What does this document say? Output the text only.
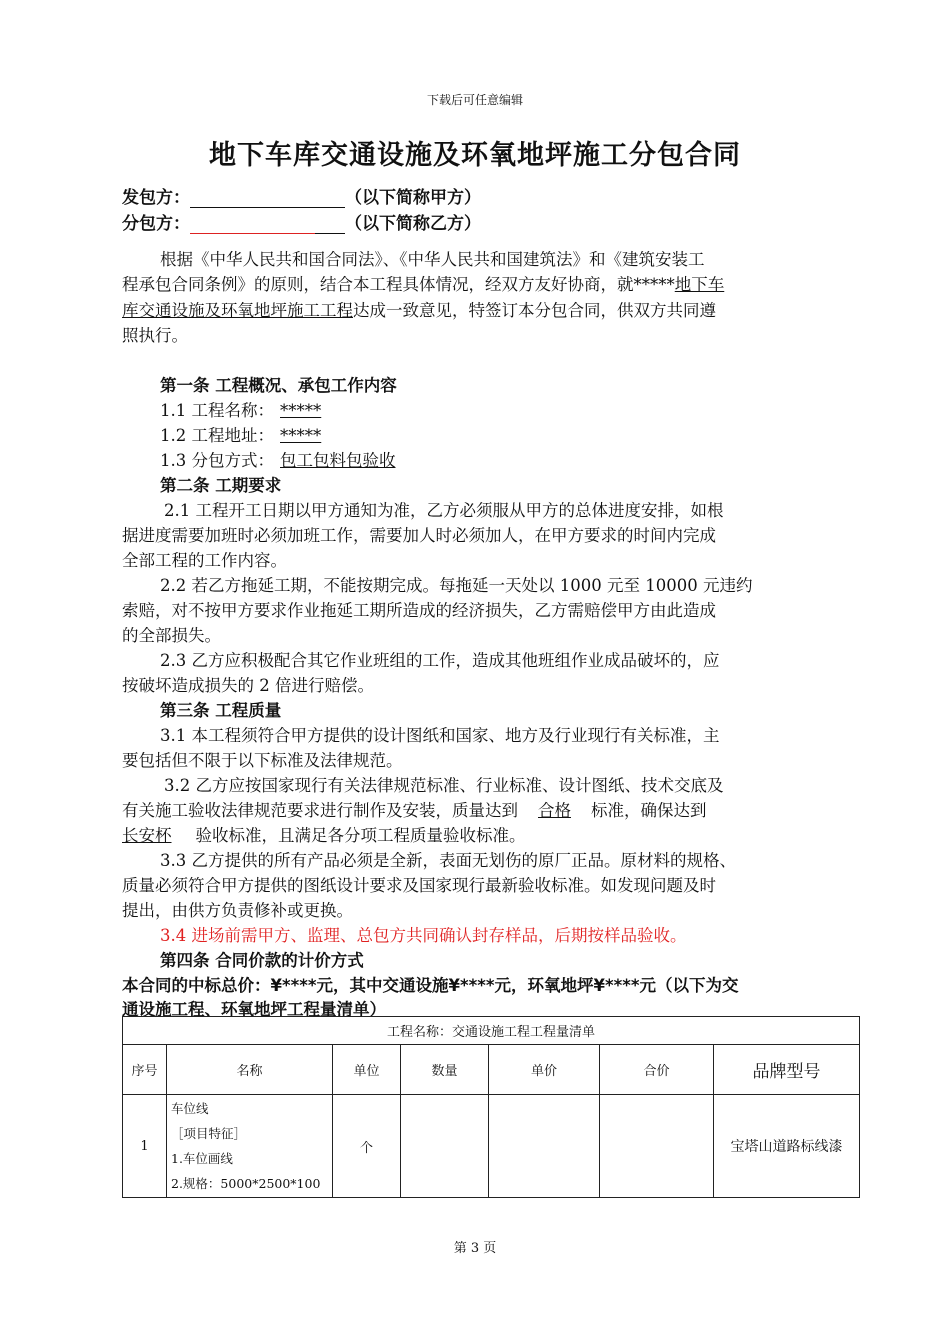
下载后可任意编辑
地下车库交通设施及环氧地坪施工分包合同
发包方：	（以下简称甲方）
分包方：	（以下简称乙方）
根据《中华人民共和国合同法》、《中华人民共和国建筑法》和《建筑安装工
程承包合同条例》的原则，结合本工程具体情况，经双方友好协商，就*****地下车
库交通设施及环氧地坪施工工程达成一致意见，特签订本分包合同，供双方共同遵
照执行。
第一条 工程概况、承包工作内容
1.1 工程名称： *****
1.2 工程地址： *****
1.3 分包方式： 包工包料包验收
第二条 工期要求
2.1 工程开工日期以甲方通知为准，乙方必须服从甲方的总体进度安排，如根
据进度需要加班时必须加班工作，需要加人时必须加人，在甲方要求的时间内完成
全部工程的工作内容。
2.2 若乙方拖延工期，不能按期完成。每拖延一天处以 1000 元至 10000 元违约
索赔，对不按甲方要求作业拖延工期所造成的经济损失，乙方需赔偿甲方由此造成
的全部损失。
2.3 乙方应积极配合其它作业班组的工作，造成其他班组作业成品破坏的，应
按破坏造成损失的 2 倍进行赔偿。
第三条 工程质量
3.1 本工程须符合甲方提供的设计图纸和国家、地方及行业现行有关标准，主
要包括但不限于以下标准及法律规范。
3.2 乙方应按国家现行有关法律规范标准、行业标准、设计图纸、技术交底及
有关施工验收法律规范要求进行制作及安装，质量达到 合格 标准，确保达到
长安杯 验收标准，且满足各分项工程质量验收标准。
3.3 乙方提供的所有产品必须是全新，表面无划伤的原厂正品。原材料的规格、
质量必须符合甲方提供的图纸设计要求及国家现行最新验收标准。如发现问题及时
提出，由供方负责修补或更换。
3.4 进场前需甲方、监理、总包方共同确认封存样品，后期按样品验收。
第四条 合同价款的计价方式
本合同的中标总价：¥****元，其中交通设施¥****元，环氧地坪¥****元（以下为交
通设施工程、环氧地坪工程量清单）
工程名称：交通设施工程工程量清单						
序号	名称	单位	数量	单价	合价	品牌型号
1	车位线
［项目特征］
1.车位画线
2.规格：5000*2500*100	个				宝塔山道路标线漆
第 3 页
